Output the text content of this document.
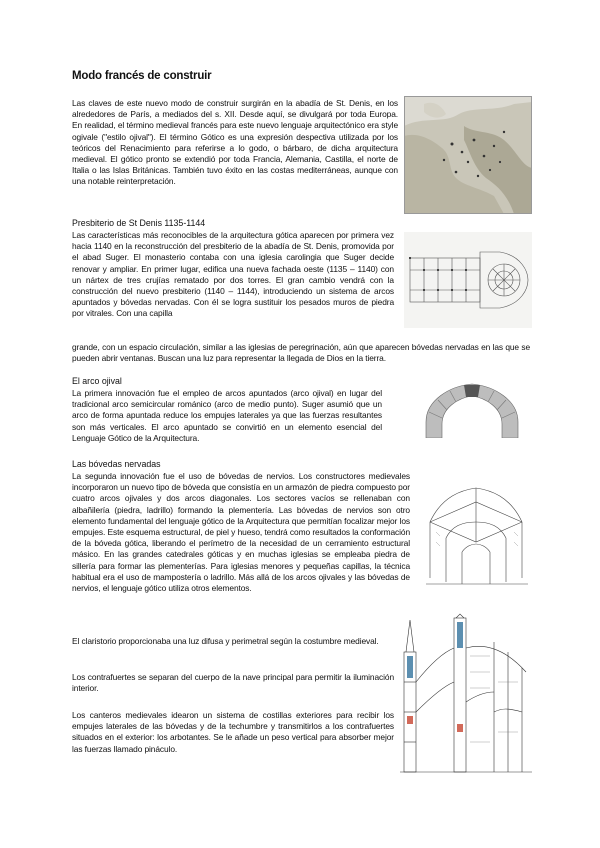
Modo francés de construir
Las claves de este nuevo modo de construir surgirán en la abadía de St. Denis, en los alrededores de París, a mediados del s. XII. Desde aquí, se divulgará por toda Europa. En realidad, el término medieval francés para este nuevo lenguaje arquitectónico era style ogivale ("estilo ojival"). El término Gótico es una expresión despectiva utilizada por los teóricos del Renacimiento para referirse a lo godo, o bárbaro, de dicha arquitectura medieval. El gótico pronto se extendió por toda Francia, Alemania, Castilla, el norte de Italia o las Islas Británicas. También tuvo éxito en las costas mediterráneas, aunque con una notable reinterpretación.
Presbiterio de St Denis 1135-1144
Las características más reconocibles de la arquitectura gótica aparecen por primera vez hacia 1140 en la reconstrucción del presbiterio de la abadía de St. Denis, promovida por el abad Suger. El monasterio contaba con una iglesia carolingia que Suger decide renovar y ampliar. En primer lugar, edifica una nueva fachada oeste (1135 – 1140) con un nártex de tres crujías rematado por dos torres. El gran cambio vendrá con la construcción del nuevo presbiterio (1140 – 1144), introduciendo un sistema de arcos apuntados y bóvedas nervadas. Con él se logra sustituir los pesados muros de piedra por vitrales. Con una capilla
grande, con un espacio circulación, similar a las iglesias de peregrinación, aún que aparecen bóvedas nervadas en las que se pueden abrir ventanas. Buscan una luz para representar la llegada de Dios en la tierra.
El arco ojival
La primera innovación fue el empleo de arcos apuntados (arco ojival) en lugar del tradicional arco semicircular románico (arco de medio punto). Suger asumió que un arco de forma apuntada reduce los empujes laterales ya que las fuerzas resultantes son más verticales. El arco apuntado se convirtió en un elemento esencial del Lenguaje Gótico de la Arquitectura.
Las bóvedas nervadas
La segunda innovación fue el uso de bóvedas de nervios. Los constructores medievales incorporaron un nuevo tipo de bóveda que consistía en un armazón de piedra compuesto por cuatro arcos ojivales y dos arcos diagonales. Los sectores vacíos se rellenaban con albañilería (piedra, ladrillo) formando la plementería. Las bóvedas de nervios son otro elemento fundamental del lenguaje gótico de la Arquitectura que permitían focalizar mejor los empujes. Este esquema estructural, de piel y hueso, tendrá como resultados la conformación de la bóveda gótica, liberando el perímetro de la necesidad de un cerramiento estructural másico. En las grandes catedrales góticas y en muchas iglesias se empleaba piedra de sillería para formar las plementerías. Para iglesias menores y pequeñas capillas, la técnica habitual era el uso de mampostería o ladrillo. Más allá de los arcos ojivales y las bóvedas de nervios, el lenguaje gótico utiliza otros elementos.
El claristorio proporcionaba una luz difusa y perimetral según la costumbre medieval.
Los contrafuertes se separan del cuerpo de la nave principal para permitir la iluminación interior.
Los canteros medievales idearon un sistema de costillas exteriores para recibir los empujes laterales de las bóvedas y de la techumbre y transmitirlos a los contrafuertes situados en el exterior: los arbotantes. Se le añade un peso vertical para absorber mejor las fuerzas llamado pináculo.
